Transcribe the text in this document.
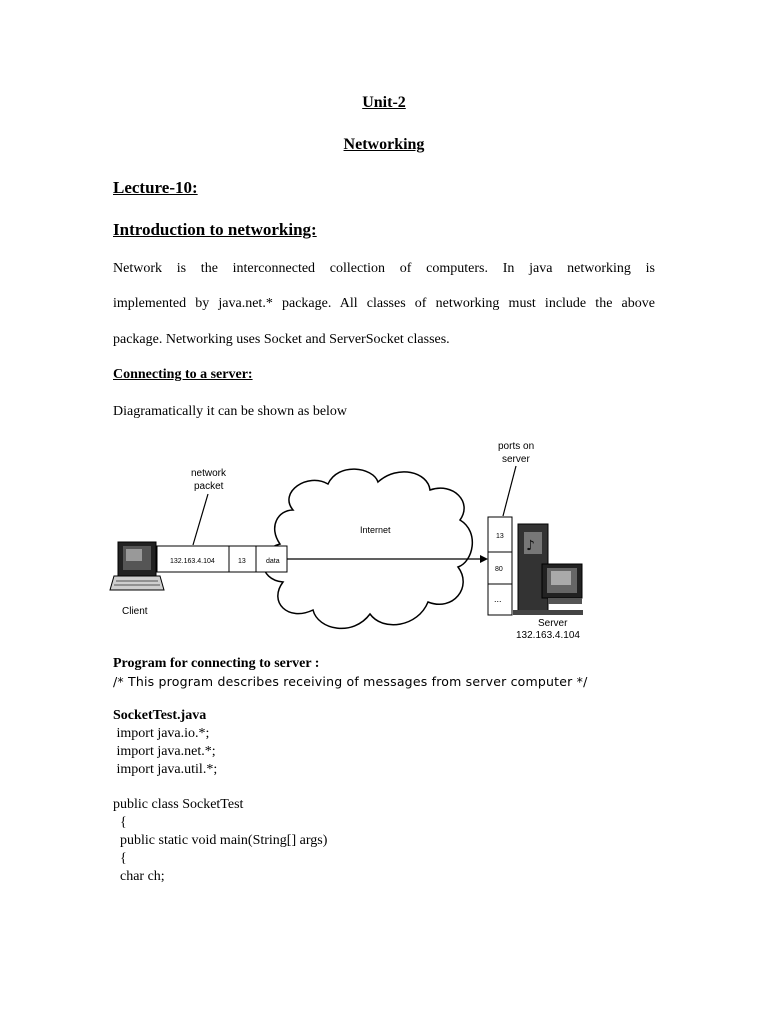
Unit-2
Networking
Lecture-10:
Introduction to networking:
Network is the interconnected collection of computers. In java networking is
implemented by java.net.* package. All classes of networking must include the above
package. Networking uses Socket and ServerSocket classes.
Connecting to a server:
Diagramatically it can be shown as below
Internet
Client
132.163.4.104	13	data
network
packet
13
80
...
ports on
server
♪
Server
132.163.4.104
Program for connecting to server :
/* This program describes receiving of messages from server computer */
SocketTest.java
import java.io.*;
import java.net.*;
import java.util.*;
public class SocketTest
{
public static void main(String[] args)
{
char ch;
